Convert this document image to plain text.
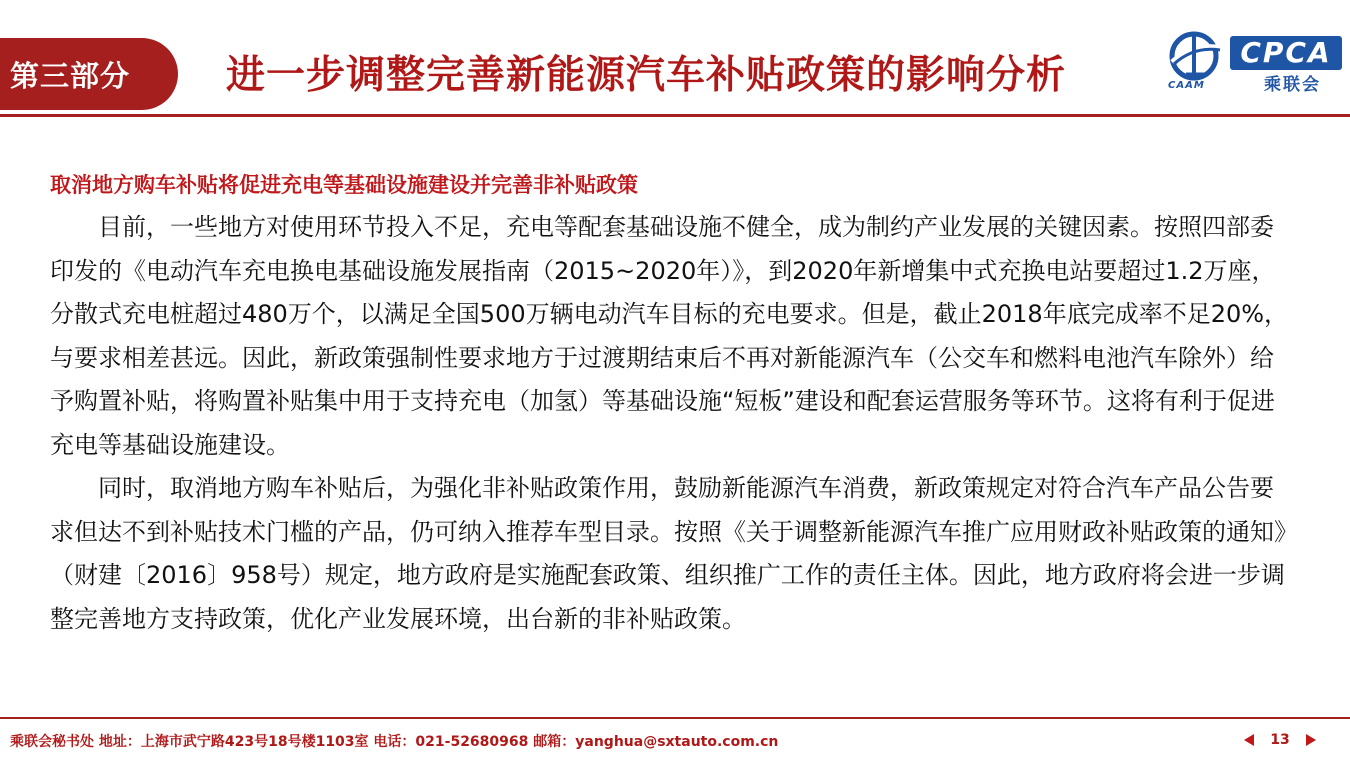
第三部分 进一步调整完善新能源汽车补贴政策的影响分析	CAAM
CPCA
乘联会
取消地方购车补贴将促进充电等基础设施建设并完善非补贴政策

目前，一些地方对使用环节投入不足，充电等配套基础设施不健全，成为制约产业发展的关键因素。按照四部委印发的《电动汽车充电换电基础设施发展指南（2015~2020年）》，到2020年新增集中式充换电站要超过1.2万座，分散式充电桩超过480万个，以满足全国500万辆电动汽车目标的充电要求。但是，截止2018年底完成率不足20%，与要求相差甚远。因此，新政策强制性要求地方于过渡期结束后不再对新能源汽车（公交车和燃料电池汽车除外）给予购置补贴，将购置补贴集中用于支持充电（加氢）等基础设施“短板”建设和配套运营服务等环节。这将有利于促进充电等基础设施建设。

同时，取消地方购车补贴后，为强化非补贴政策作用，鼓励新能源汽车消费，新政策规定对符合汽车产品公告要求但达不到补贴技术门槛的产品，仍可纳入推荐车型目录。按照《关于调整新能源汽车推广应用财政补贴政策的通知》（财建〔2016〕958号）规定，地方政府是实施配套政策、组织推广工作的责任主体。因此，地方政府将会进一步调整完善地方支持政策，优化产业发展环境，出台新的非补贴政策。

乘联会秘书处 地址：上海市武宁路423号18号楼1103室 电话：021-52680968 邮箱：yanghua@sxtauto.com.cn	13
